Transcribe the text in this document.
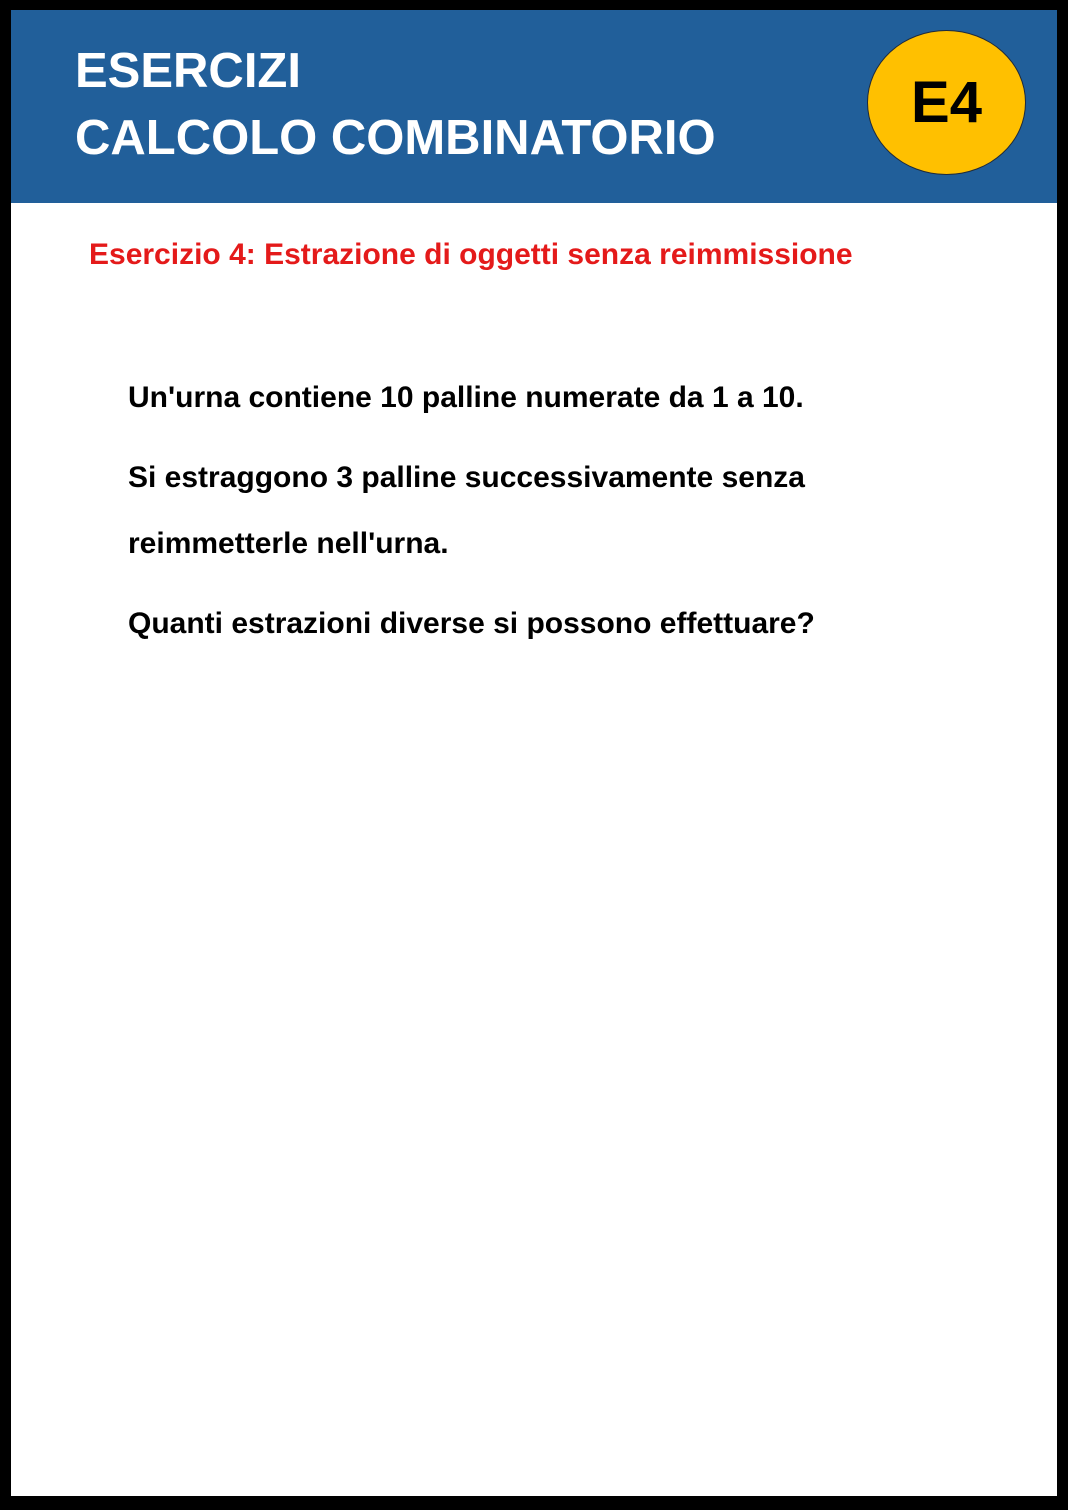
ESERCIZI
CALCOLO COMBINATORIO
E4
Esercizio 4: Estrazione di oggetti senza reimmissione
Un'urna contiene 10 palline numerate da 1 a 10.
Si estraggono 3 palline successivamente senza
reimmetterle nell'urna.
Quanti estrazioni diverse si possono effettuare?
